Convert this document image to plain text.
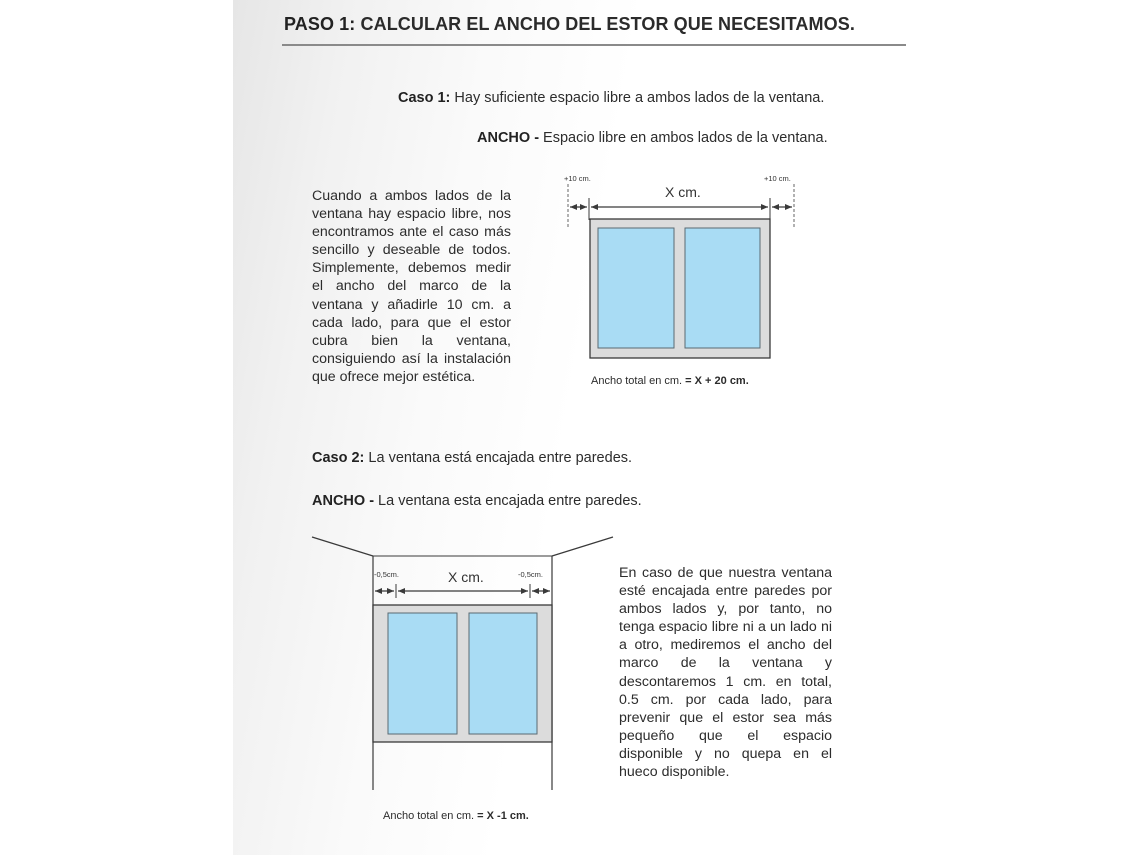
PASO 1: CALCULAR EL ANCHO DEL ESTOR QUE NECESITAMOS.
Caso 1: Hay suficiente espacio libre a ambos lados de la ventana.
ANCHO - Espacio libre en ambos lados de la ventana.

Cuando a ambos lados de la ventana hay espacio libre, nos encontramos ante el caso más sencillo y deseable de todos. Simplemente, debemos medir el ancho del marco de la ventana y añadirle 10 cm. a cada lado, para que el estor cubra bien la ventana, consiguiendo así la instalación que ofrece mejor estética.

+10 cm.	+10 cm.
X cm.
Ancho total en cm. = X + 20 cm.
Caso 2: La ventana está encajada entre paredes.
ANCHO - La ventana esta encajada entre paredes.
-0,5cm.	-0,5cm.
X cm.	En caso de que nuestra ventana esté encajada entre paredes por ambos lados y, por tanto, no tenga espacio libre ni a un lado ni a otro, mediremos el ancho del marco de la ventana y descontaremos 1 cm. en total, 0.5 cm. por cada lado, para prevenir que el estor sea más pequeño que el espacio disponible y no quepa en el hueco disponible.

Ancho total en cm. = X -1 cm.
